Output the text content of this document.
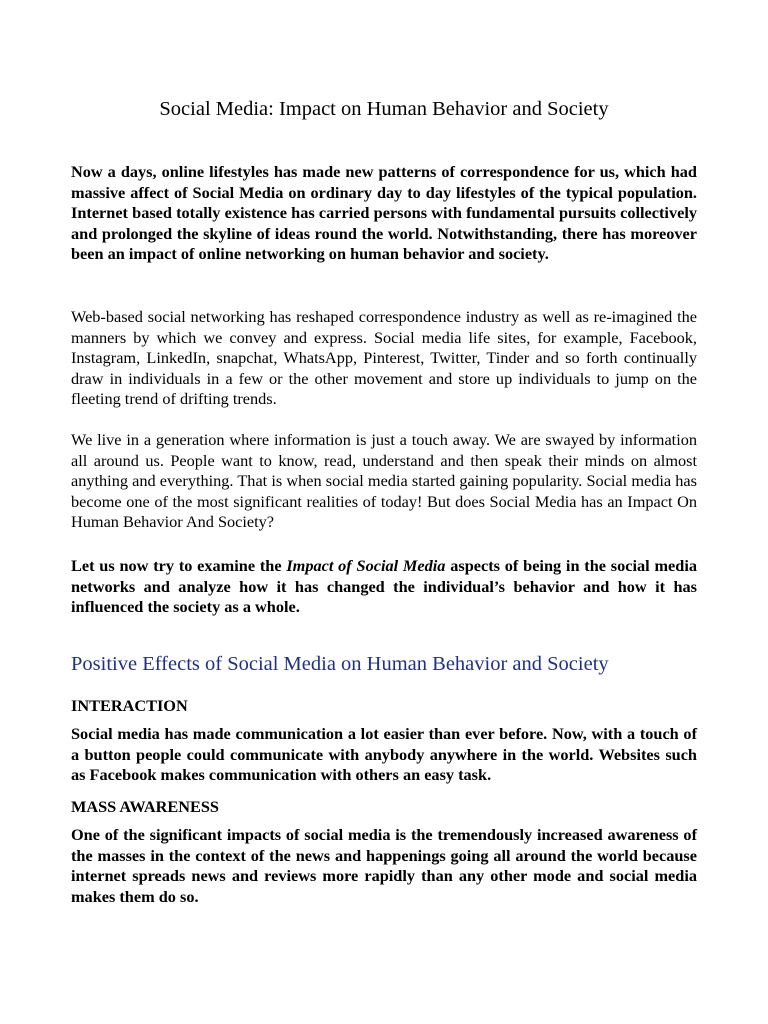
Social Media: Impact on Human Behavior and Society

Now a days, online lifestyles has made new patterns of correspondence for us, which had massive affect of Social Media on ordinary day to day lifestyles of the typical population. Internet based totally existence has carried persons with fundamental pursuits collectively and prolonged the skyline of ideas round the world. Notwithstanding, there has moreover been an impact of online networking on human behavior and society.

Web-based social networking has reshaped correspondence industry as well as re-imagined the manners by which we convey and express. Social media life sites, for example, Facebook, Instagram, LinkedIn, snapchat, WhatsApp, Pinterest, Twitter, Tinder and so forth continually draw in individuals in a few or the other movement and store up individuals to jump on the fleeting trend of drifting trends.

We live in a generation where information is just a touch away. We are swayed by information all around us. People want to know, read, understand and then speak their minds on almost anything and everything. That is when social media started gaining popularity. Social media has become one of the most significant realities of today! But does Social Media has an Impact On Human Behavior And Society?

Let us now try to examine the Impact of Social Media aspects of being in the social media networks and analyze how it has changed the individual’s behavior and how it has influenced the society as a whole.

Positive Effects of Social Media on Human Behavior and Society
INTERACTION

Social media has made communication a lot easier than ever before. Now, with a touch of a button people could communicate with anybody anywhere in the world. Websites such as Facebook makes communication with others an easy task.

MASS AWARENESS

One of the significant impacts of social media is the tremendously increased awareness of the masses in the context of the news and happenings going all around the world because internet spreads news and reviews more rapidly than any other mode and social media makes them do so.
